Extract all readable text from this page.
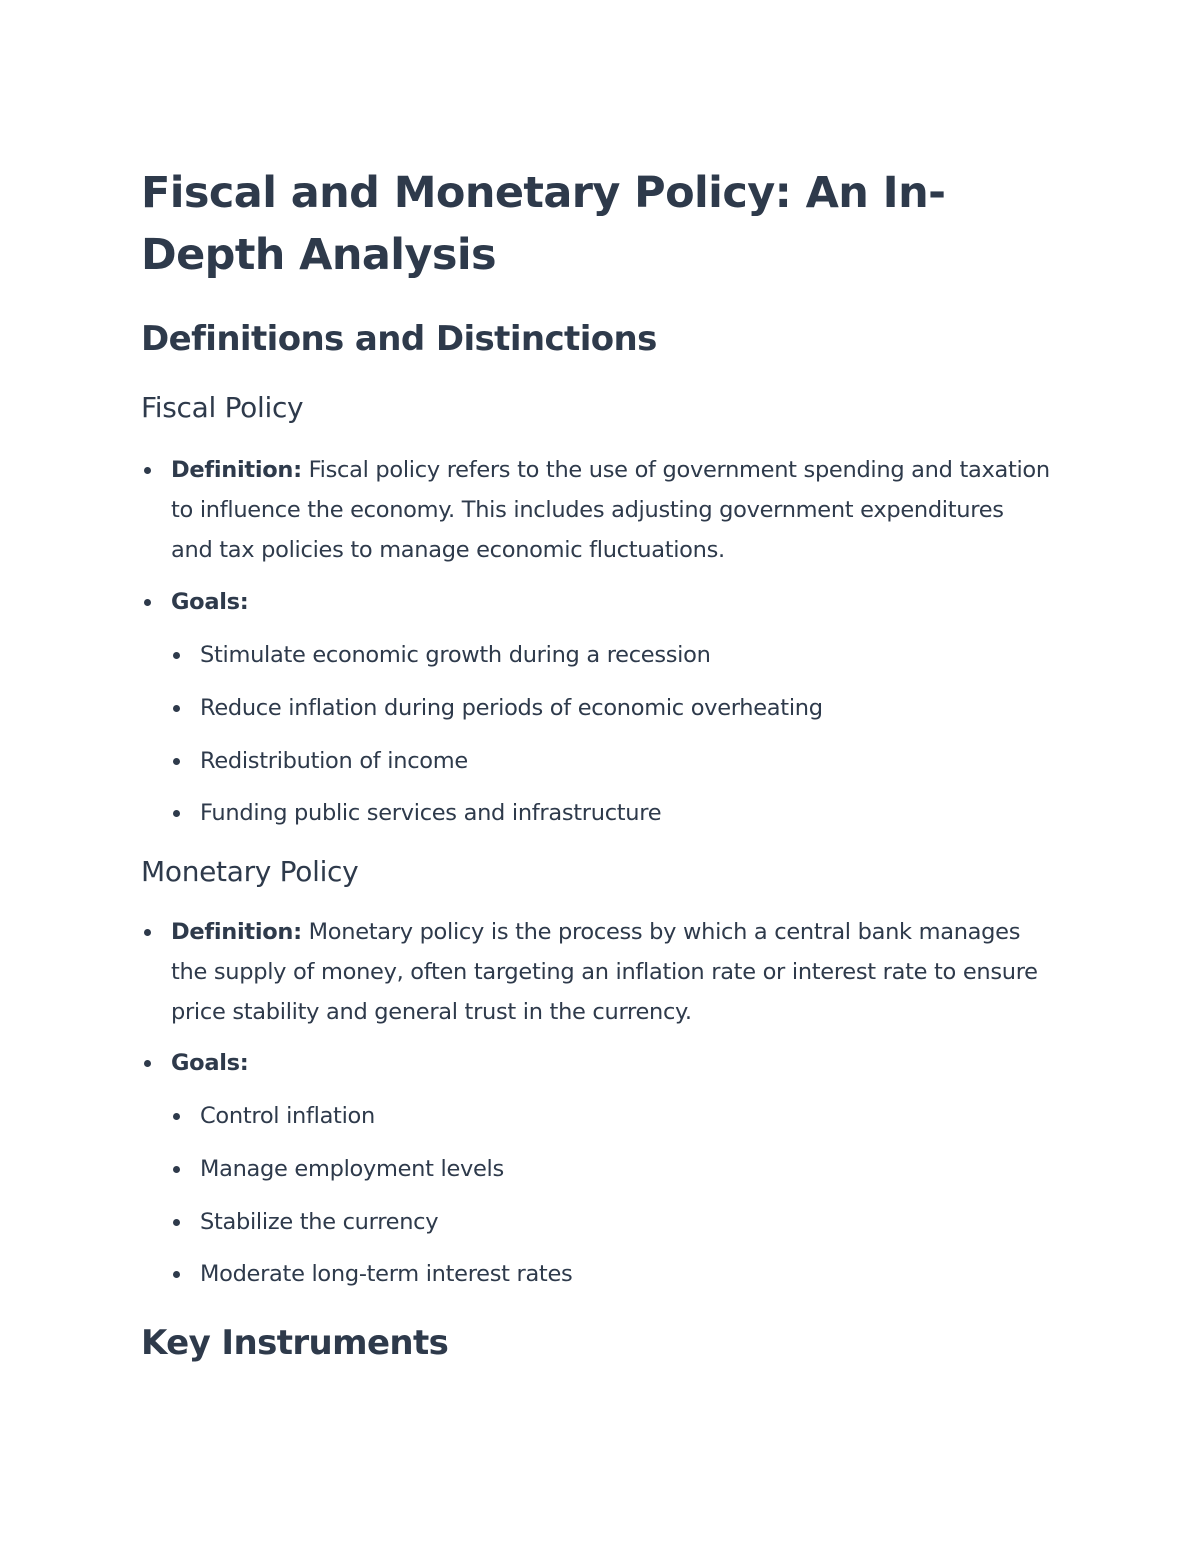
Fiscal and Monetary Policy: An In-Depth Analysis
Definitions and Distinctions
Fiscal Policy
Definition: Fiscal policy refers to the use of government spending and taxation to influence the economy. This includes adjusting government expenditures and tax policies to manage economic fluctuations.
Goals:
Stimulate economic growth during a recession
Reduce inflation during periods of economic overheating
Redistribution of income
Funding public services and infrastructure
Monetary Policy
Definition: Monetary policy is the process by which a central bank manages the supply of money, often targeting an inflation rate or interest rate to ensure price stability and general trust in the currency.
Goals:
Control inflation
Manage employment levels
Stabilize the currency
Moderate long-term interest rates
Key Instruments
